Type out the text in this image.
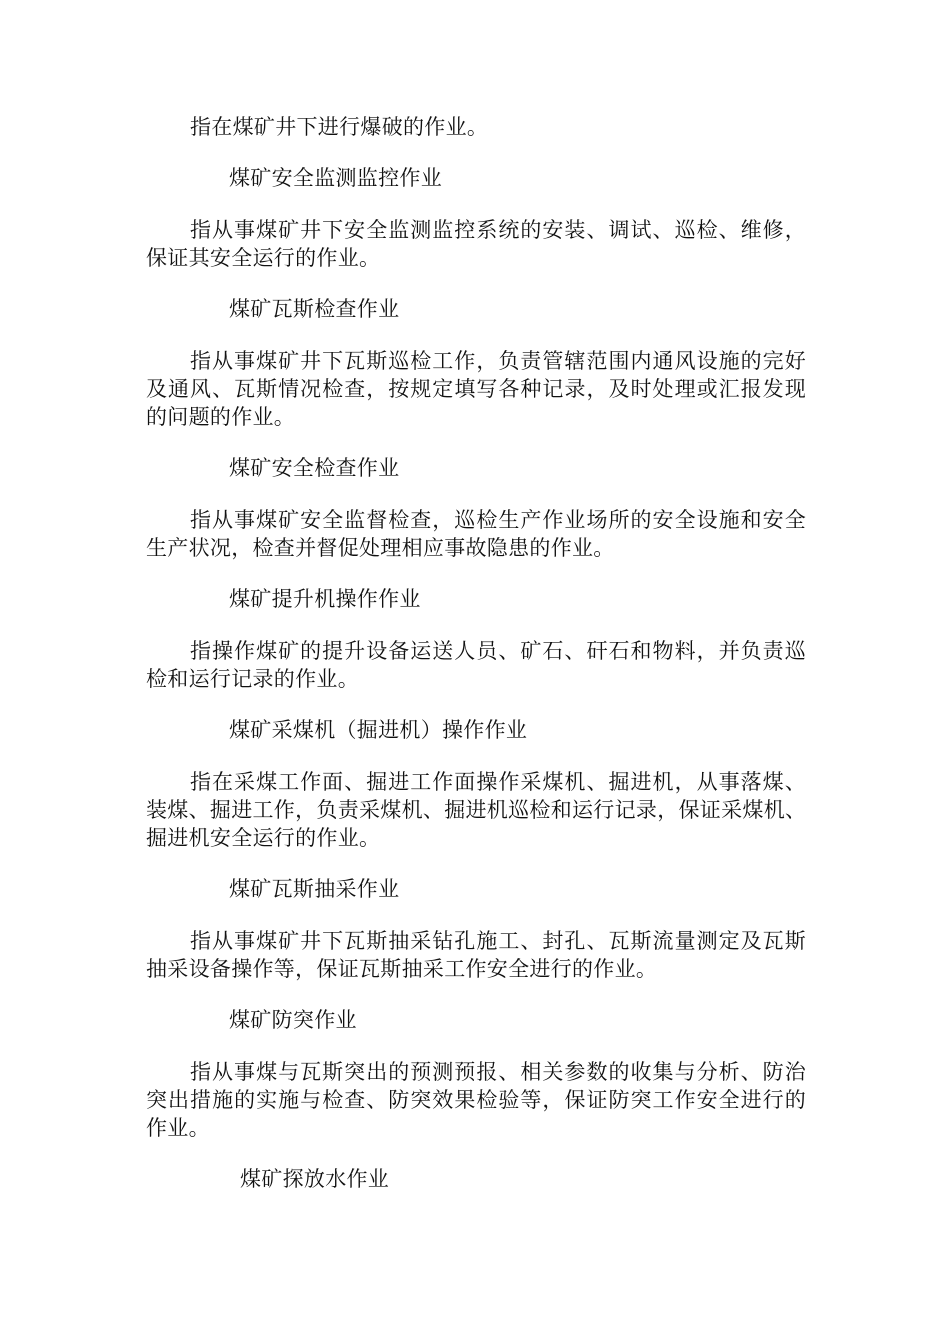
指在煤矿井下进行爆破的作业。
煤矿安全监测监控作业
指从事煤矿井下安全监测监控系统的安装、调试、巡检、维修，
保证其安全运行的作业。
煤矿瓦斯检查作业
指从事煤矿井下瓦斯巡检工作，负责管辖范围内通风设施的完好
及通风、瓦斯情况检查，按规定填写各种记录，及时处理或汇报发现
的问题的作业。
煤矿安全检查作业
指从事煤矿安全监督检查，巡检生产作业场所的安全设施和安全
生产状况，检查并督促处理相应事故隐患的作业。
煤矿提升机操作作业
指操作煤矿的提升设备运送人员、矿石、矸石和物料，并负责巡
检和运行记录的作业。
煤矿采煤机（掘进机）操作作业
指在采煤工作面、掘进工作面操作采煤机、掘进机，从事落煤、
装煤、掘进工作，负责采煤机、掘进机巡检和运行记录，保证采煤机、
掘进机安全运行的作业。
煤矿瓦斯抽采作业
指从事煤矿井下瓦斯抽采钻孔施工、封孔、瓦斯流量测定及瓦斯
抽采设备操作等，保证瓦斯抽采工作安全进行的作业。
煤矿防突作业
指从事煤与瓦斯突出的预测预报、相关参数的收集与分析、防治
突出措施的实施与检查、防突效果检验等，保证防突工作安全进行的
作业。
煤矿探放水作业
